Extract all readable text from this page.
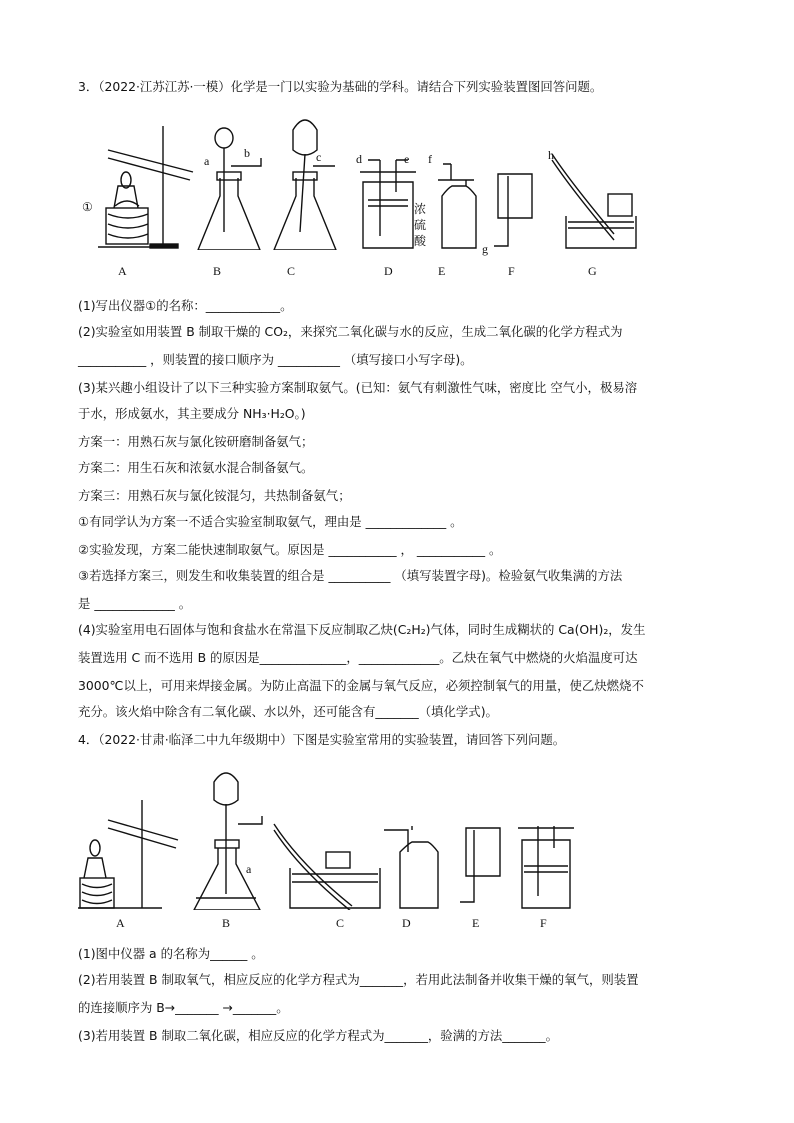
3．（2022·江苏江苏·一模）化学是一门以实验为基础的学科。请结合下列实验装置图回答问题。
①
a
b	c	d	e f
g
h
浓
硫
酸
A	B	C	D	E	F	G
(1)写出仪器①的名称：____________。
(2)实验室如用装置 B 制取干燥的 CO₂，来探究二氧化碳与水的反应，生成二氧化碳的化学方程式为
___________ ，则装置的接口顺序为 __________ （填写接口小写字母)。
(3)某兴趣小组设计了以下三种实验方案制取氨气。(已知：氨气有刺激性气味，密度比 空气小，极易溶
于水，形成氨水，其主要成分 NH₃·H₂O。)
方案一：用熟石灰与氯化铵研磨制备氨气；
方案二：用生石灰和浓氨水混合制备氨气。
方案三：用熟石灰与氯化铵混匀，共热制备氨气；
①有同学认为方案一不适合实验室制取氨气，理由是 _____________ 。
②实验发现，方案二能快速制取氨气。原因是 ___________ ， ___________ 。
③若选择方案三，则发生和收集装置的组合是 __________ （填写装置字母)。检验氨气收集满的方法
是 _____________ 。
(4)实验室用电石固体与饱和食盐水在常温下反应制取乙炔(C₂H₂)气体，同时生成糊状的 Ca(OH)₂，发生
装置选用 C 而不选用 B 的原因是______________，_____________。乙炔在氧气中燃烧的火焰温度可达
3000℃以上，可用来焊接金属。为防止高温下的金属与氧气反应，必须控制氧气的用量，使乙炔燃烧不
充分。该火焰中除含有二氧化碳、水以外，还可能含有_______（填化学式)。
4．（2022·甘肃·临泽二中九年级期中）下图是实验室常用的实验装置，请回答下列问题。
a
A	B	C	D	E	F
(1)图中仪器 a 的名称为______ 。
(2)若用装置 B 制取氧气，相应反应的化学方程式为_______，若用此法制备并收集干燥的氧气，则装置
的连接顺序为 B→_______ →_______。
(3)若用装置 B 制取二氧化碳，相应反应的化学方程式为_______，验满的方法_______。
